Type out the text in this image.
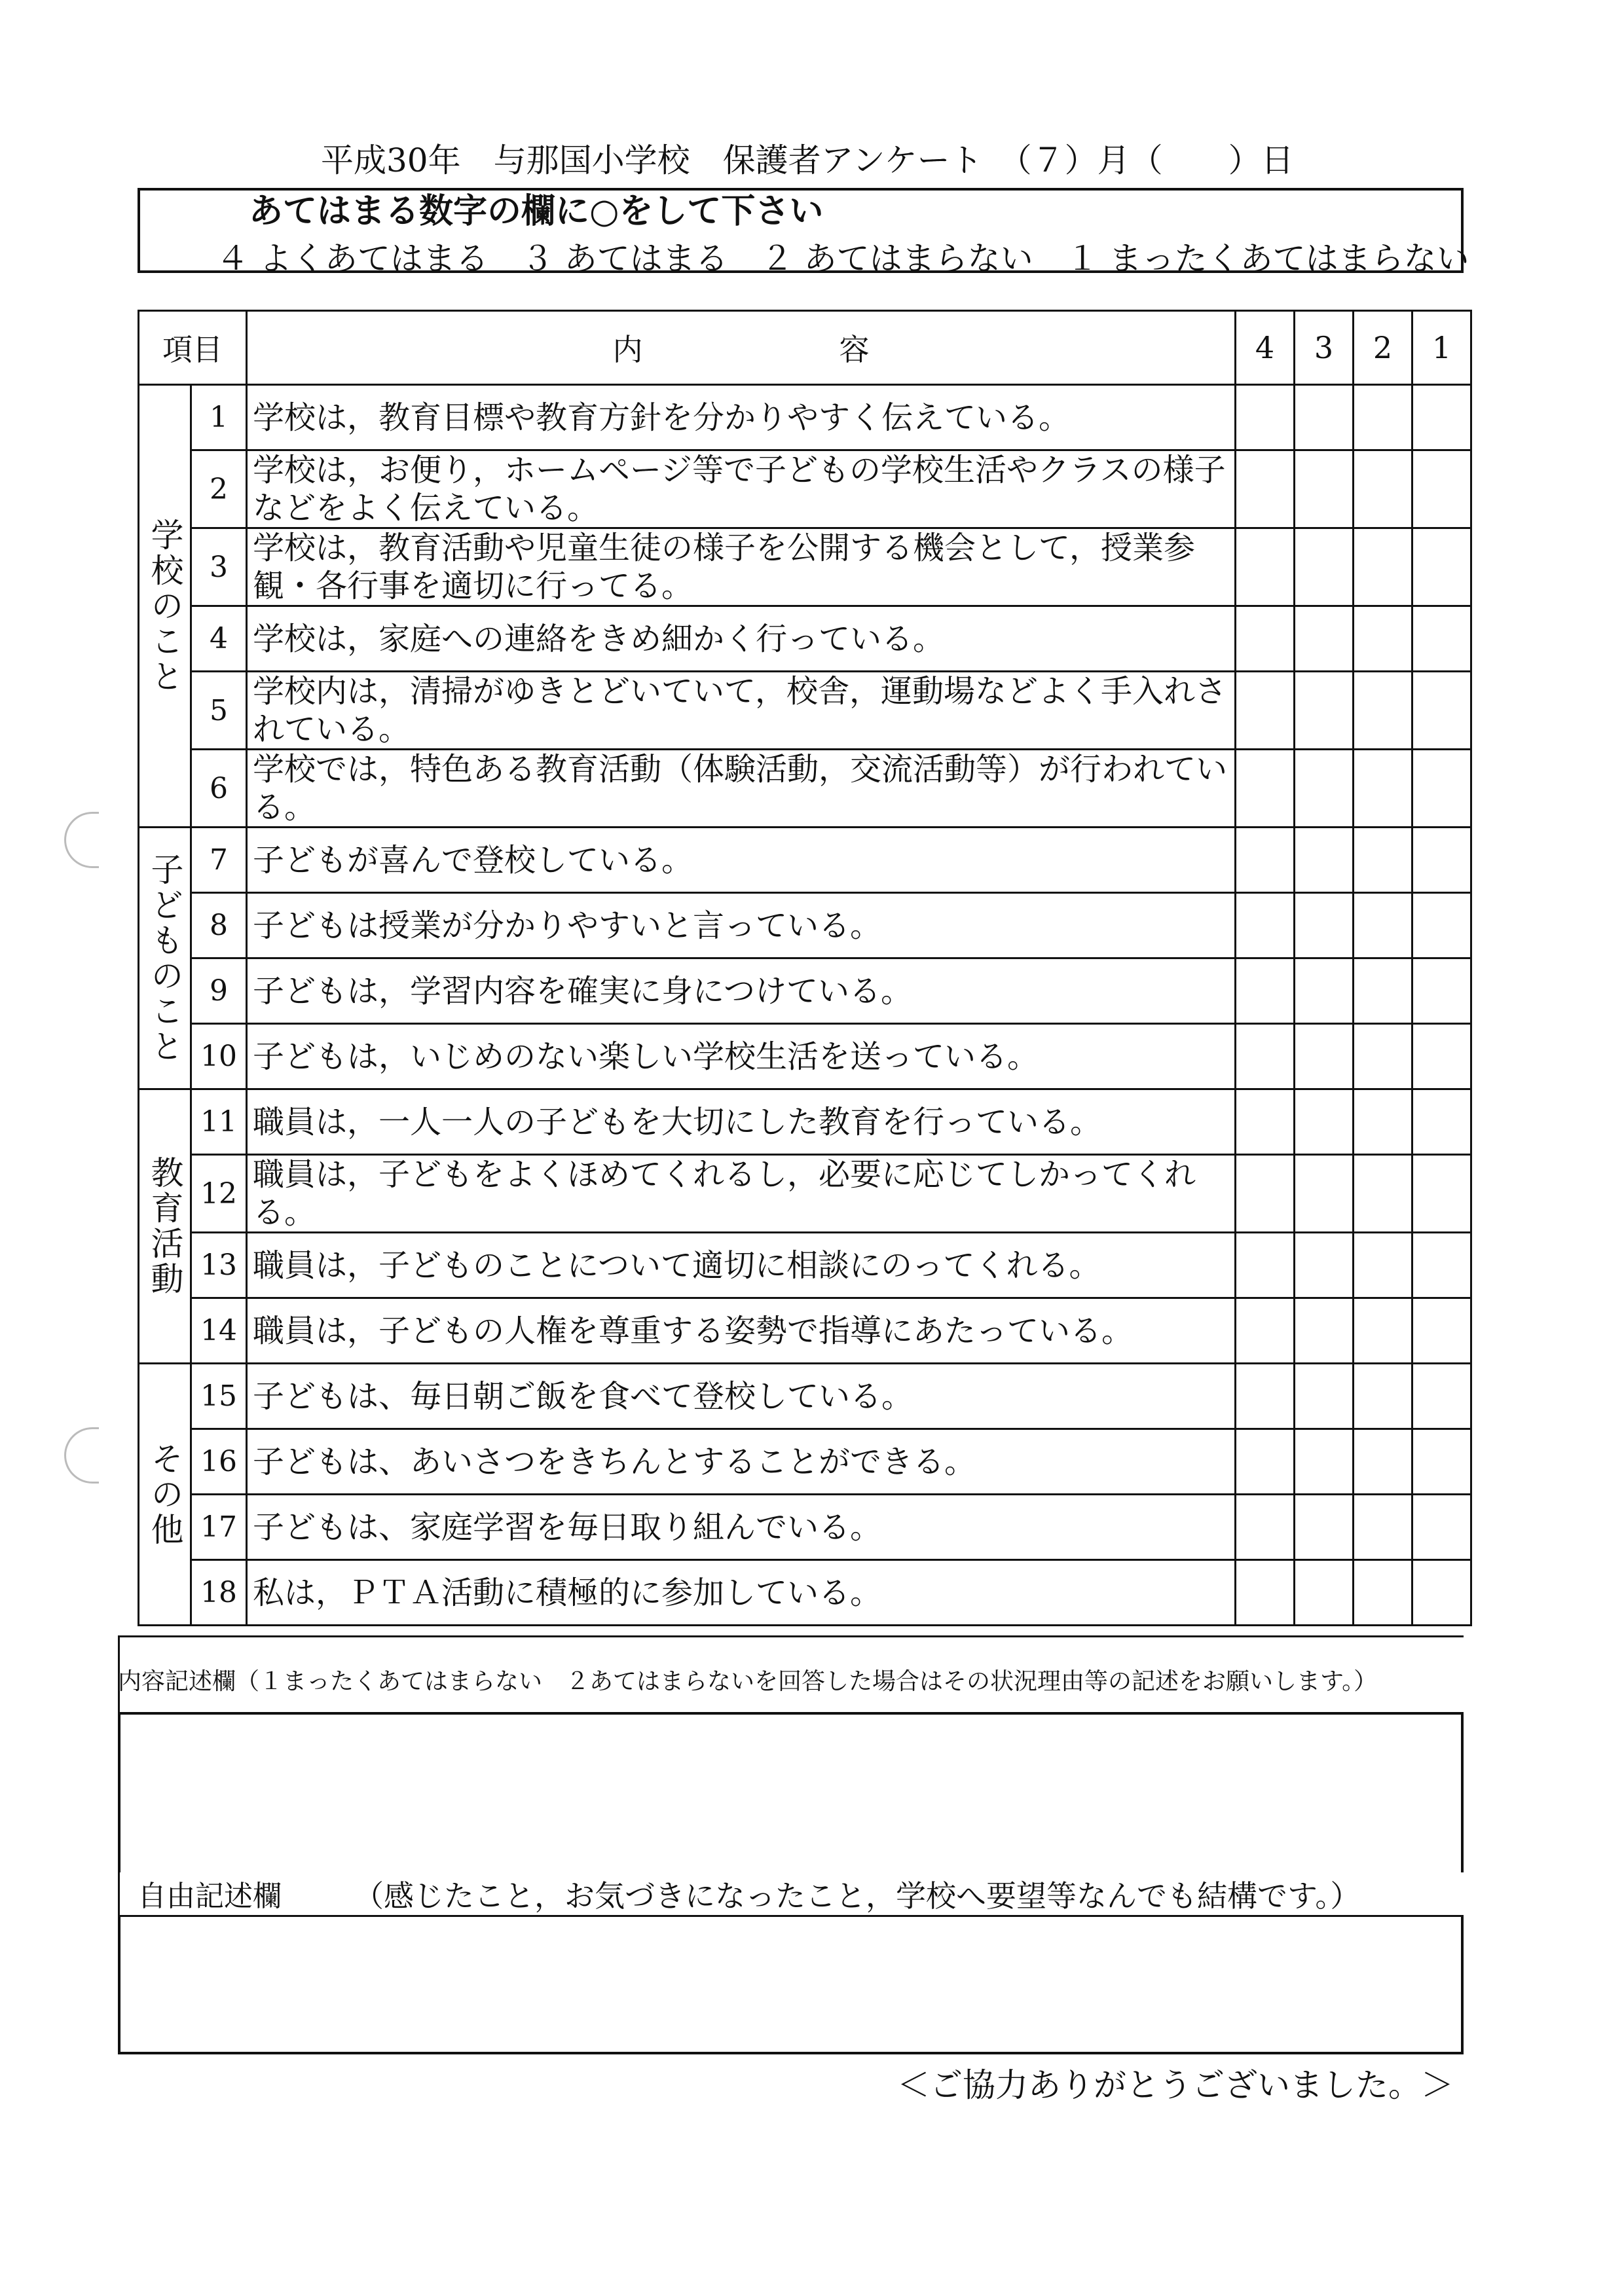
平成30年　与那国小学校　保護者アンケート　（７）月（　　）日
あてはまる数字の欄に○をして下さい
４ よくあてはまる　３ あてはまる　２ あてはまらない　１ まったくあてはまらない
項目		内 容	4	3	2	1
学校のこと	1	学校は，教育目標や教育方針を分かりやすく伝えている。				
	2	学校は，お便り，ホームページ等で子どもの学校生活やクラスの様子などをよく伝えている。				
	3	学校は，教育活動や児童生徒の様子を公開する機会として，授業参観・各行事を適切に行ってる。				
	4	学校は，家庭への連絡をきめ細かく行っている。				
	5	学校内は，清掃がゆきとどいていて，校舎，運動場などよく手入れされている。				
	6	学校では，特色ある教育活動（体験活動，交流活動等）が行われている。				
子どものこと	7	子どもが喜んで登校している。				
	8	子どもは授業が分かりやすいと言っている。				
	9	子どもは，学習内容を確実に身につけている。				
	10	子どもは，いじめのない楽しい学校生活を送っている。				
教育活動	11	職員は，一人一人の子どもを大切にした教育を行っている。				
	12	職員は，子どもをよくほめてくれるし，必要に応じてしかってくれる。				
	13	職員は，子どものことについて適切に相談にのってくれる。				
	14	職員は，子どもの人権を尊重する姿勢で指導にあたっている。				
その他	15	子どもは、毎日朝ご飯を食べて登校している。				
	16	子どもは、あいさつをきちんとすることができる。				
	17	子どもは、家庭学習を毎日取り組んでいる。				
	18	私は，ＰＴＡ活動に積極的に参加している。				
内容記述欄（１まったくあてはまらない　２あてはまらないを回答した場合はその状況理由等の記述をお願いします。）
自由記述欄 （感じたこと，お気づきになったこと，学校へ要望等なんでも結構です。）
＜ご協力ありがとうございました。＞
